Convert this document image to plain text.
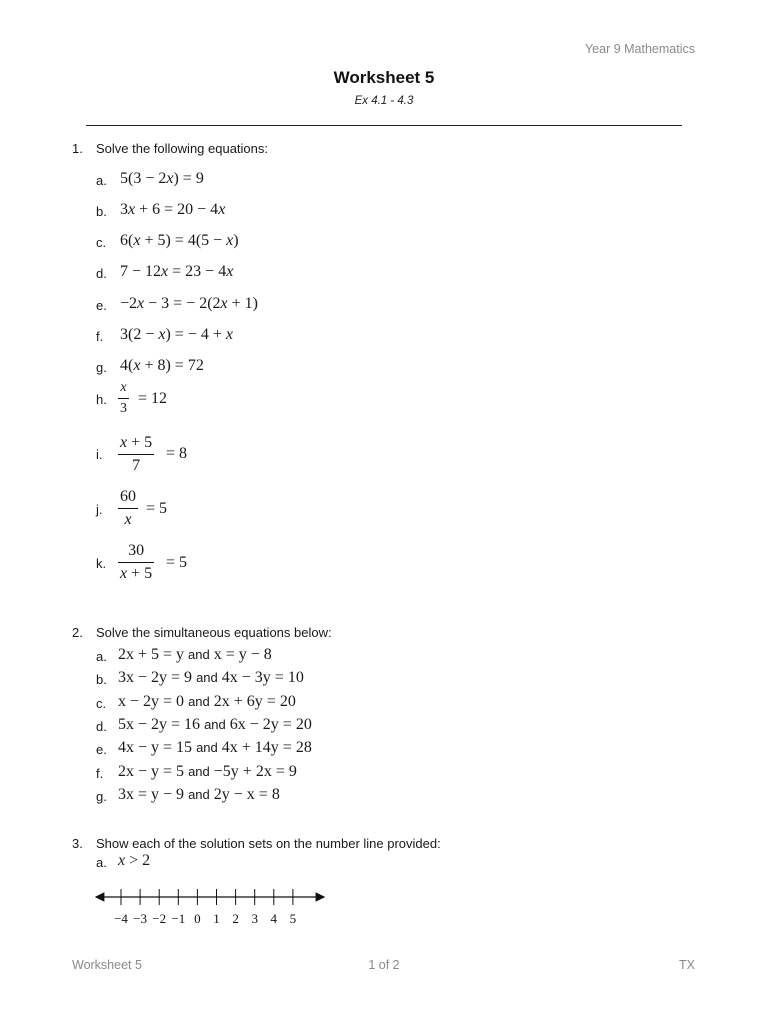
Year 9 Mathematics
Worksheet 5
Ex 4.1 - 4.3
1. Solve the following equations:
a. 5(3 − 2x) = 9
b. 3x + 6 = 20 − 4x
c. 6(x + 5) = 4(5 − x)
d. 7 − 12x = 23 − 4x
e. −2x − 3 = − 2(2x + 1)
f. 3(2 − x) = − 4 + x
g. 4(x + 8) = 72
h. $\frac{x}{3} = 12$
i. $\frac{x + 5}{7} = 8$
j. $\frac{60}{x} = 5$
k. $\frac{30}{x + 5} = 5$
2. Solve the simultaneous equations below:
2x + 5 = y and x = y − 8
a.
3x − 2y = 9 and 4x − 3y = 10
b.
x − 2y = 0 and 2x + 6y = 20
c.
5x − 2y = 16 and 6x − 2y = 20
d.
4x − y = 15 and 4x + 14y = 28
e.
2x − y = 5 and −5y + 2x = 9
f.
3x = y − 9 and 2y − x = 8
g.
3. Show each of the solution sets on the number line provided:
a. x > 2
−4 −3 −2 −1 0 1 2 3 4 5
Worksheet 5	1 of 2	TX
